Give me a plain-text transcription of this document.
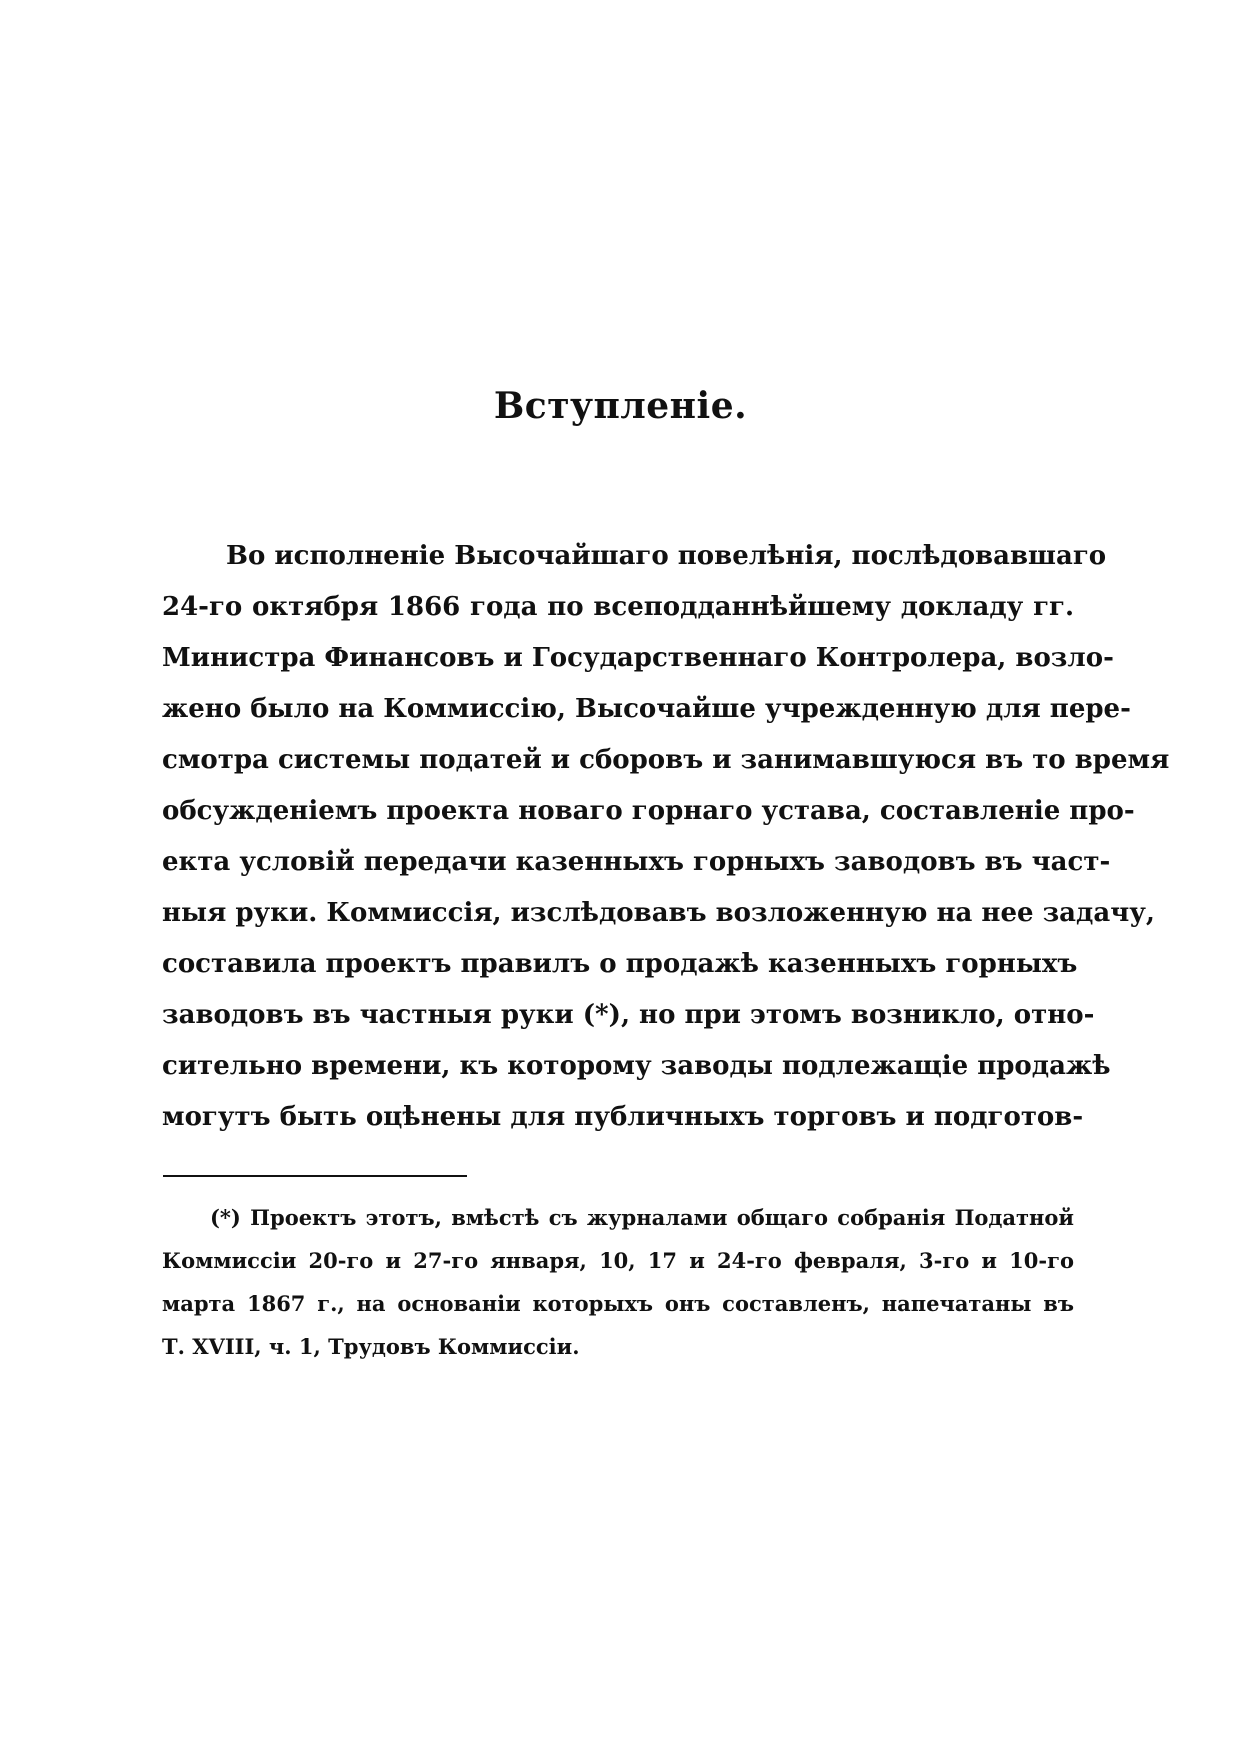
Вступленіе.
Во исполненіе Высочайшаго повелѣнія, послѣдовавшаго
24-го октября 1866 года по всеподданнѣйшему докладу гг.
Министра Финансовъ и Государственнаго Контролера, возло-
жено было на Коммиссію, Высочайше учрежденную для пере-
смотра системы податей и сборовъ и занимавшуюся въ то время
обсужденіемъ проекта новаго горнаго устава, составленіе про-
екта условій передачи казенныхъ горныхъ заводовъ въ част-
ныя руки. Коммиссія, изслѣдовавъ возложенную на нее задачу,
составила проектъ правилъ о продажѣ казенныхъ горныхъ
заводовъ въ частныя руки (*), но при этомъ возникло, отно-
сительно времени, къ которому заводы подлежащіе продажѣ
могутъ быть оцѣнены для публичныхъ торговъ и подготов-
(*) Проектъ этотъ, вмѣстѣ съ журналами общаго собранія Податной
Коммиссіи 20-го и 27-го января, 10, 17 и 24-го февраля, 3-го и 10-го
марта 1867 г., на основаніи которыхъ онъ составленъ, напечатаны въ
Т. XVIII, ч. 1, Трудовъ Коммиссіи.
